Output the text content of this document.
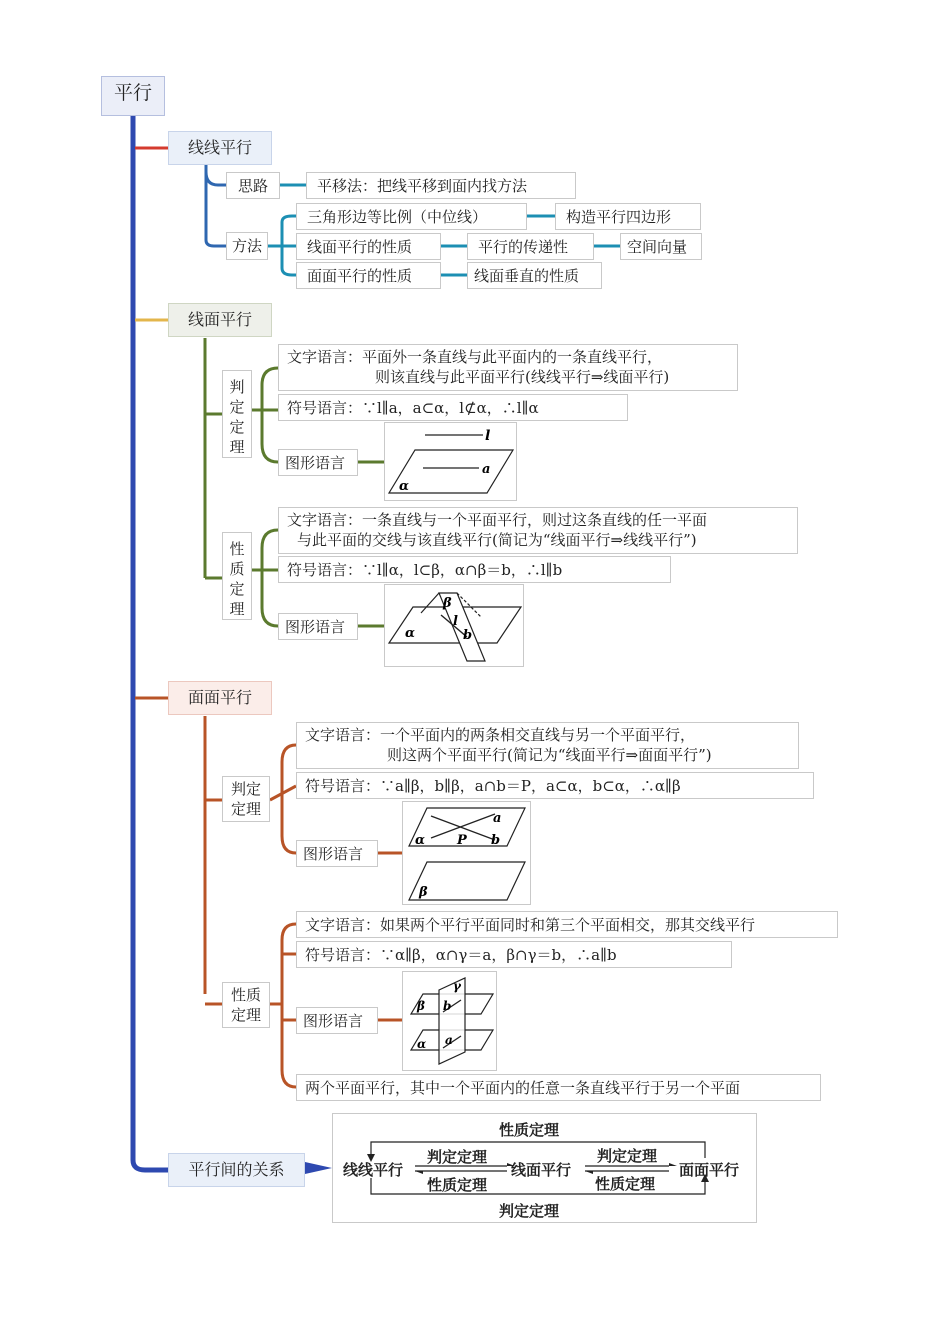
平行
线线平行
思路	平移法：把线平移到面内找方法
方法
三角形边等比例（中位线）	构造平行四边形
线面平行的性质	平行的传递性	空间向量
面面平行的性质	线面垂直的性质
线面平行
判
定
定
理
文字语言：平面外一条直线与此平面内的一条直线平行，
则该直线与此平面平行(线线平行⇒线面平行)
符号语言：∵l∥a，a⊂α，l⊄α，∴l∥α
图形语言
l
a
α
性
质
定
理
文字语言：一条直线与一个平面平行，则过这条直线的任一平面
与此平面的交线与该直线平行(简记为“线面平行⇒线线平行”)
符号语言：∵l∥α，l⊂β，α∩β＝b，∴l∥b
图形语言
β
α
l
b
面面平行
判定
定理
文字语言：一个平面内的两条相交直线与另一个平面平行，
则这两个平面平行(简记为“线面平行⇒面面平行”)
符号语言：∵a∥β，b∥β，a∩b＝P，a⊂α，b⊂α，∴α∥β
图形语言
a
α P b
β
性质
定理
文字语言：如果两个平行平面同时和第三个平面相交，那其交线平行
符号语言：∵α∥β，α∩γ＝a，β∩γ＝b，∴a∥b
图形语言
γ
β b
α a
两个平面平行，其中一个平面内的任意一条直线平行于另一个平面
平行间的关系
性质定理
判定定理
线线平行	线面平行	面面平行
判定定理
性质定理
判定定理
性质定理
